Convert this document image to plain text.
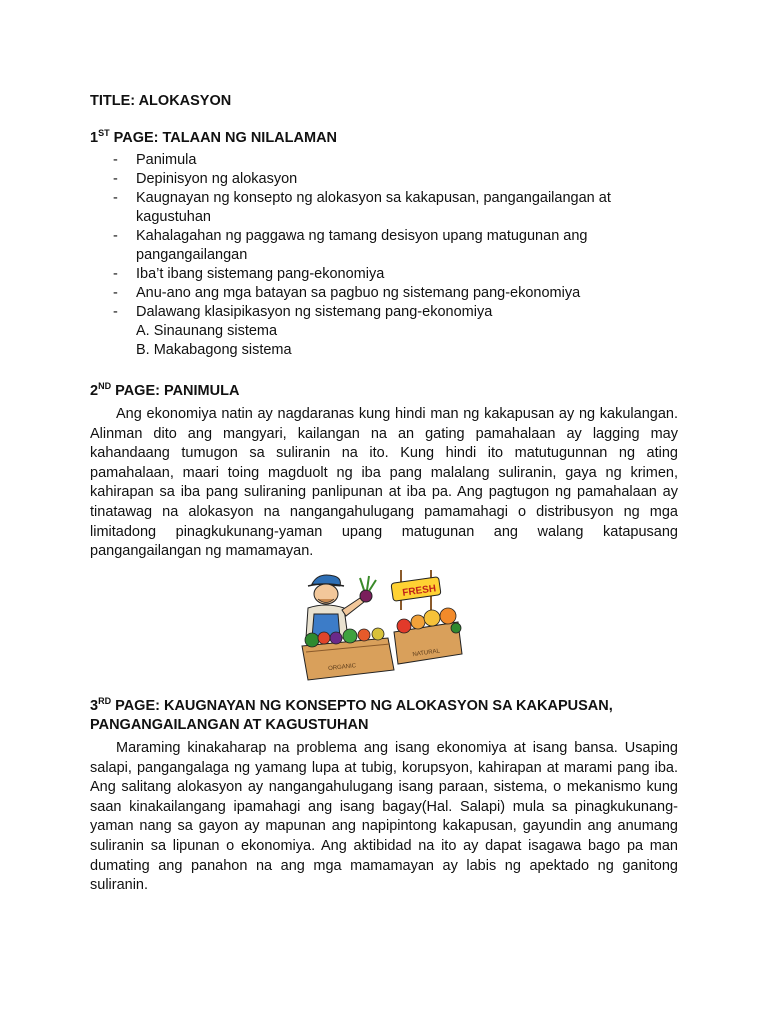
TITLE: ALOKASYON
1ST PAGE: TALAAN NG NILALAMAN
- Panimula
- Depinisyon ng alokasyon
- Kaugnayan ng konsepto ng alokasyon sa kakapusan, pangangailangan at kagustuhan
- Kahalagahan ng paggawa ng tamang desisyon upang matugunan ang pangangailangan
- Iba’t ibang sistemang pang-ekonomiya
- Anu-ano ang mga batayan sa pagbuo ng sistemang pang-ekonomiya
- Dalawang klasipikasyon ng sistemang pang-ekonomiya
A. Sinaunang sistema
B. Makabagong sistema
2ND PAGE: PANIMULA

Ang ekonomiya natin ay nagdaranas kung hindi man ng kakapusan ay ng kakulangan. Alinman dito ang mangyari, kailangan na an gating pamahalaan ay lagging may kahandaang tumugon sa suliranin na ito. Kung hindi ito matutugunnan ng ating pamahalaan, maari toing magduolt ng iba pang malalang suliranin, gaya ng krimen, kahirapan sa iba pang suliraning panlipunan at iba pa. Ang pagtugon ng pamahalaan ay tinatawag na alokasyon na nangangahulugang pamamahagi o distribusyon ng mga limitadong pinagkukunang-yaman upang matugunan ang walang katapusang pangangailangan ng mamamayan.

FRESH
ORGANIC
NATURAL
3RD PAGE: KAUGNAYAN NG KONSEPTO NG ALOKASYON SA KAKAPUSAN,
PANGANGAILANGAN AT KAGUSTUHAN

Maraming kinakaharap na problema ang isang ekonomiya at isang bansa. Usaping salapi, pangangalaga ng yamang lupa at tubig, korupsyon, kahirapan at marami pang iba. Ang salitang alokasyon ay nangangahulugang isang paraan, sistema, o mekanismo kung saan kinakailangang ipamahagi ang isang bagay(Hal. Salapi) mula sa pinagkukunang-yaman nang sa gayon ay mapunan ang napipintong kakapusan, gayundin ang anumang suliranin sa lipunan o ekonomiya. Ang aktibidad na ito ay dapat isagawa bago pa man dumating ang panahon na ang mga mamamayan ay labis ng apektado ng ganitong suliranin.
